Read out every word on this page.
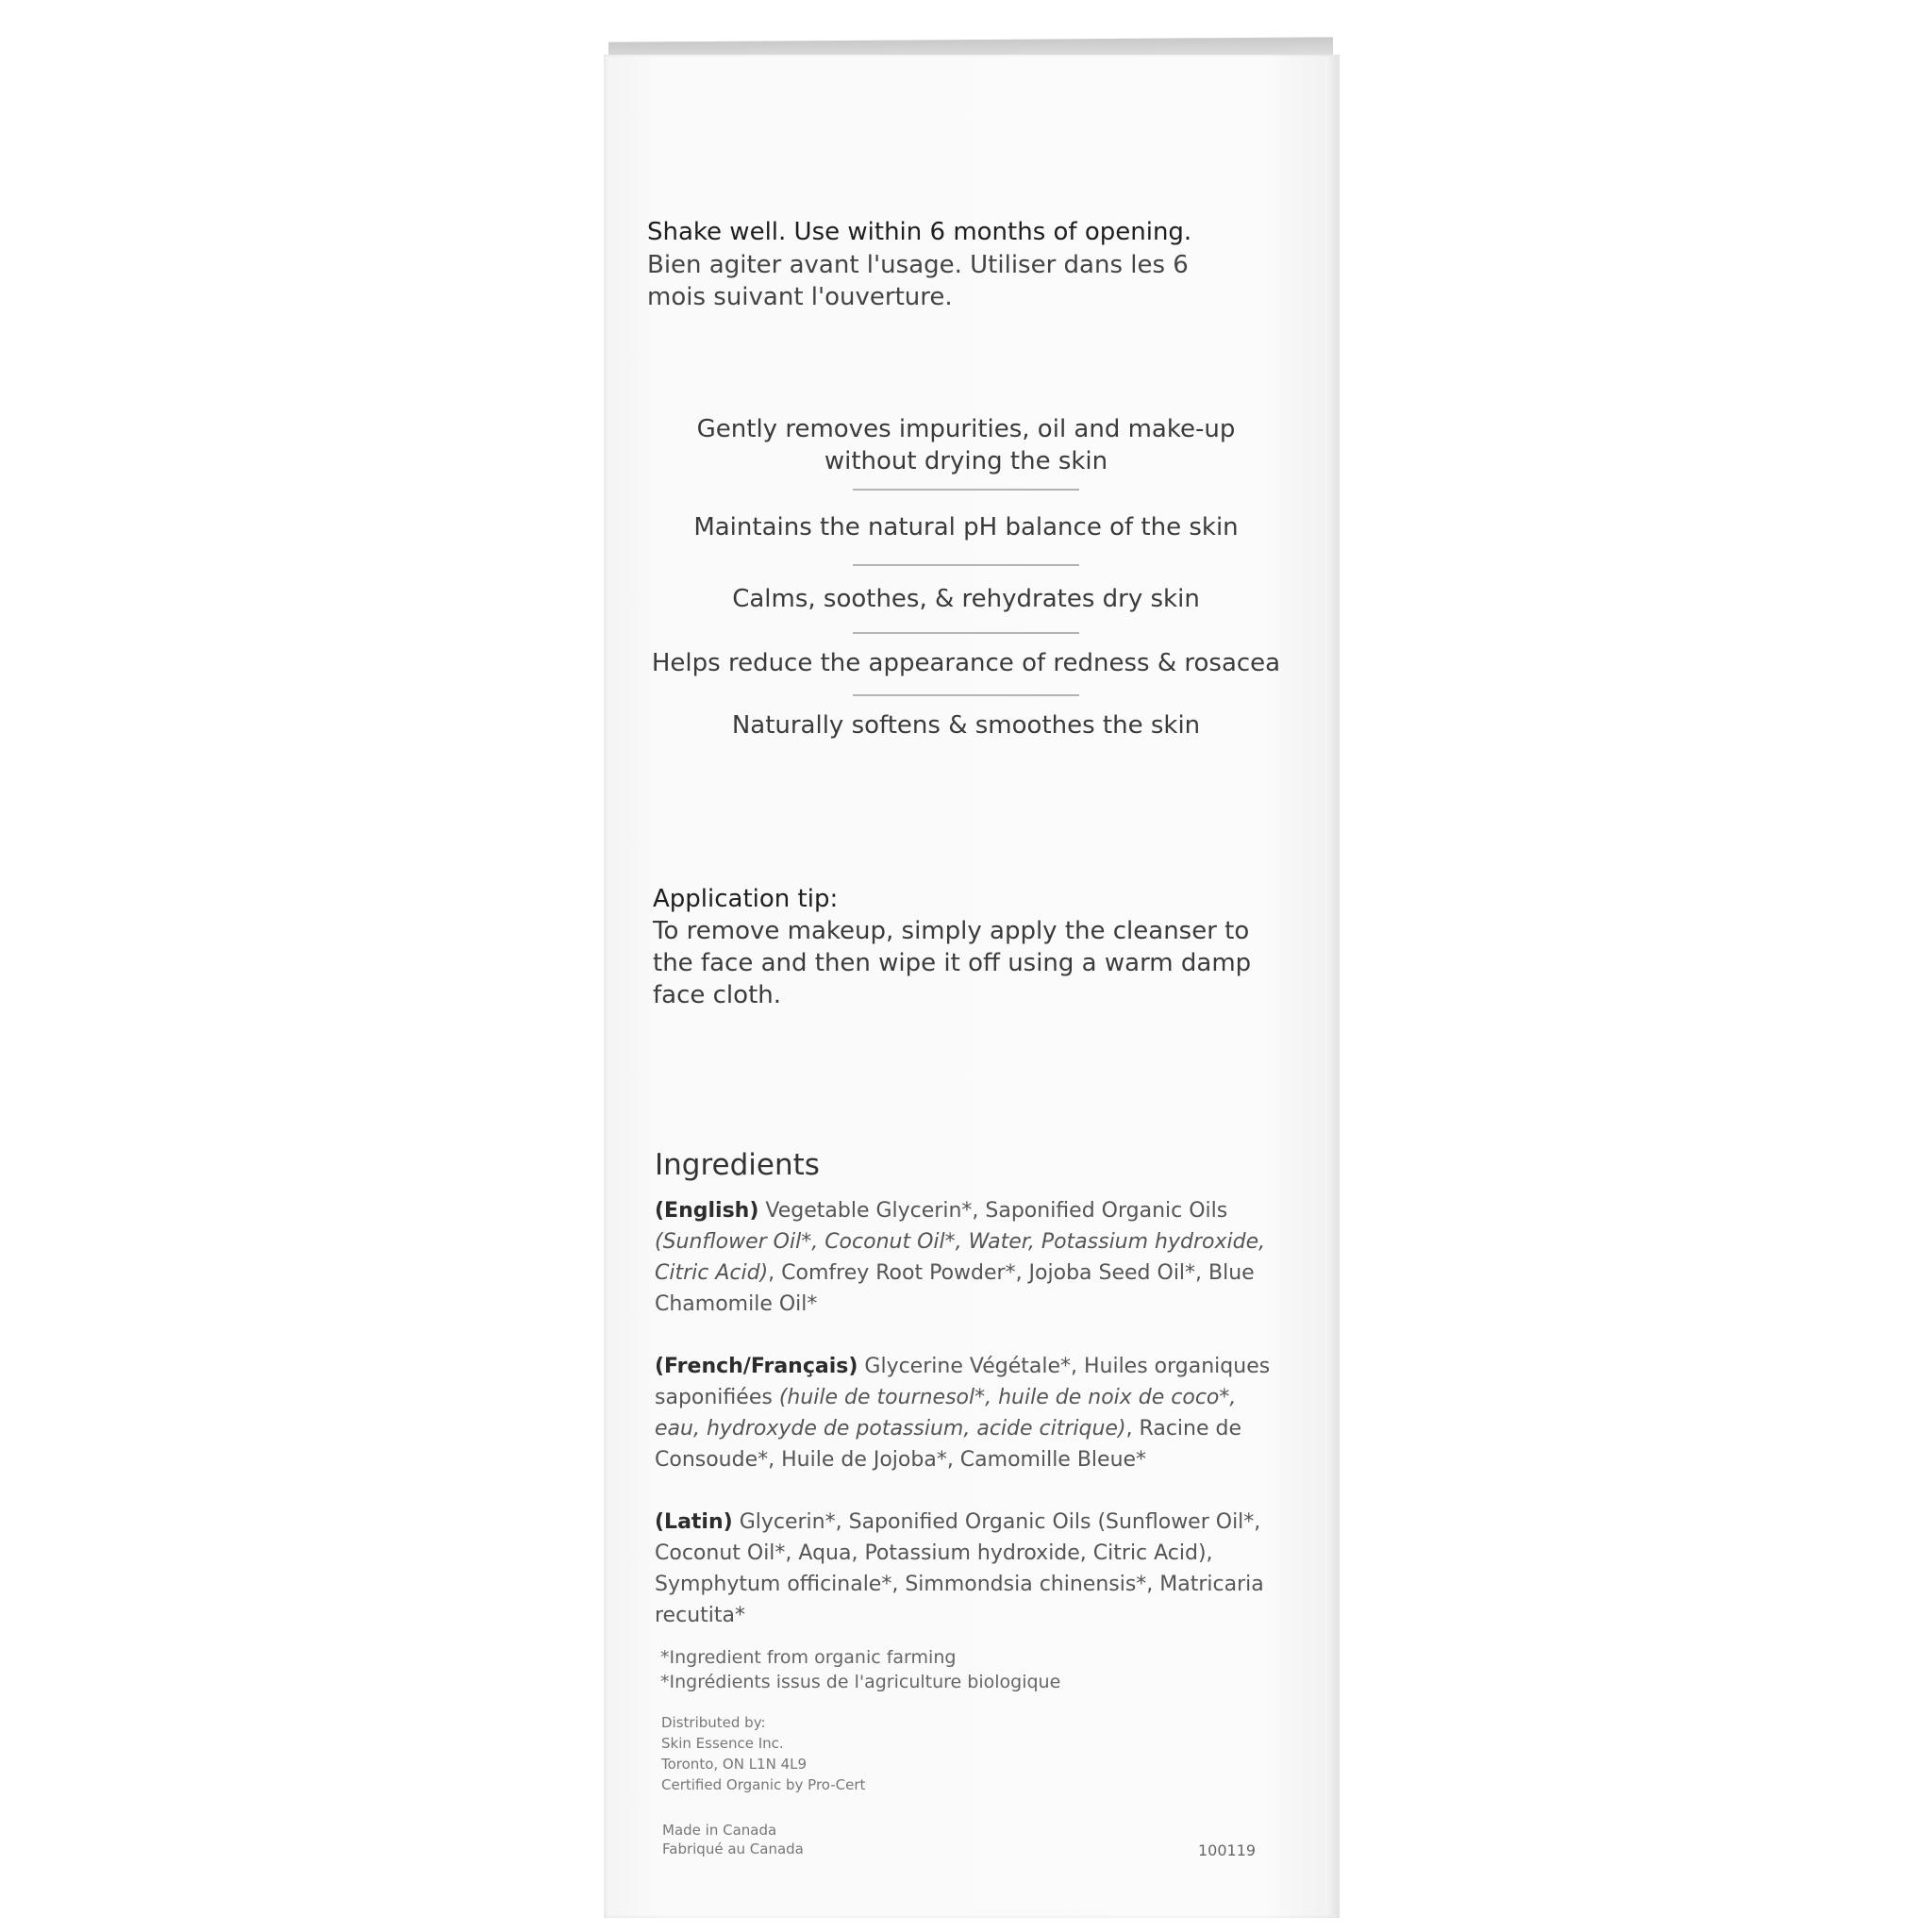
Shake well. Use within 6 months of opening.

Bien agiter avant l'usage. Utiliser dans les 6

mois suivant l'ouverture.

Gently removes impurities, oil and make-up
without drying the skin
Maintains the natural pH balance of the skin
Calms, soothes, & rehydrates dry skin
Helps reduce the appearance of redness & rosacea
Naturally softens & smoothes the skin
Application tip:
To remove makeup, simply apply the cleanser to
the face and then wipe it off using a warm damp
face cloth.
Ingredients
(English) Vegetable Glycerin*, Saponified Organic Oils (Sunflower Oil*, Coconut Oil*, Water, Potassium hydroxide, Citric Acid), Comfrey Root Powder*, Jojoba Seed Oil*, Blue Chamomile Oil*
(French/Français) Glycerine Végétale*, Huiles organiques saponifiées (huile de tournesol*, huile de noix de coco*, eau, hydroxyde de potassium, acide citrique), Racine de Consoude*, Huile de Jojoba*, Camomille Bleue*
(Latin) Glycerin*, Saponified Organic Oils (Sunflower Oil*, Coconut Oil*, Aqua, Potassium hydroxide, Citric Acid), Symphytum officinale*, Simmondsia chinensis*, Matricaria recutita*
*Ingredient from organic farming
*Ingrédients issus de l'agriculture biologique
Distributed by:
Skin Essence Inc.
Toronto, ON L1N 4L9
Certified Organic by Pro-Cert
Made in Canada
Fabriqué au Canada	100119
